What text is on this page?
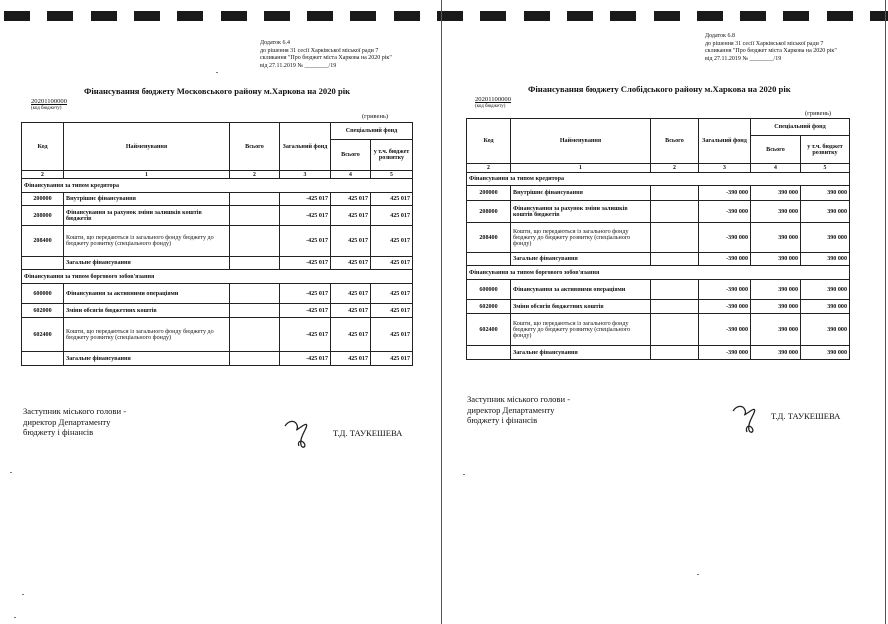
Додаток 6.4
до рішення 31 сесії Харківської міської ради 7
скликання "Про бюджет міста Харкова на 2020 рік"
від 27.11.2019 № ________/19
Фінансування бюджету Московського району м.Харкова на 2020 рік
20201100000
(код бюджету)
(гривень)
Код	Найменування	Всього	Загальний фонд	Спеціальний фонд	
				Всього	у т.ч. бюджет розвитку
2	1	2	3	4	5
Фінансування за типом кредитора					
200000	Внутрішнє фінансування		-425 017	425 017	425 017
208000	Фінансування за рахунок зміни залишків коштів бюджетів		-425 017	425 017	425 017
208400	Кошти, що передаються із загального фонду бюджету до бюджету розвитку (спеціального фонду)		-425 017	425 017	425 017
	Загальне фінансування		-425 017	425 017	425 017
Фінансування за типом боргового зобов'язання					
600000	Фінансування за активними операціями		-425 017	425 017	425 017
602000	Зміни обсягів бюджетних коштів		-425 017	425 017	425 017
602400	Кошти, що передаються із загального фонду бюджету до бюджету розвитку (спеціального фонду)		-425 017	425 017	425 017
	Загальне фінансування		-425 017	425 017	425 017
Заступник міського голови -
директор Департаменту
бюджету і фінансів	Т.Д. ТАУКЕШЕВА
Додаток 6.8
до рішення 31 сесії Харківської міської ради 7
скликання "Про бюджет міста Харкова на 2020 рік"
від 27.11.2019 № ________/19
Фінансування бюджету Слобідського району м.Харкова на 2020 рік
20201100000
(код бюджету)
(гривень)
Код	Найменування	Всього	Загальний фонд	Спеціальний фонд	
				Всього	у т.ч. бюджет розвитку
2	1	2	3	4	5
Фінансування за типом кредитора					
200000	Внутрішнє фінансування		-390 000	390 000	390 000
208000	Фінансування за рахунок зміни залишків коштів бюджетів		-390 000	390 000	390 000
208400	Кошти, що передаються із загального фонду бюджету до бюджету розвитку (спеціального фонду)		-390 000	390 000	390 000
	Загальне фінансування		-390 000	390 000	390 000
Фінансування за типом боргового зобов'язання					
600000	Фінансування за активними операціями		-390 000	390 000	390 000
602000	Зміни обсягів бюджетних коштів		-390 000	390 000	390 000
602400	Кошти, що передаються із загального фонду бюджету до бюджету розвитку (спеціального фонду)		-390 000	390 000	390 000
	Загальне фінансування		-390 000	390 000	390 000
Заступник міського голови -
директор Департаменту
бюджету і фінансів	Т.Д. ТАУКЕШЕВА
